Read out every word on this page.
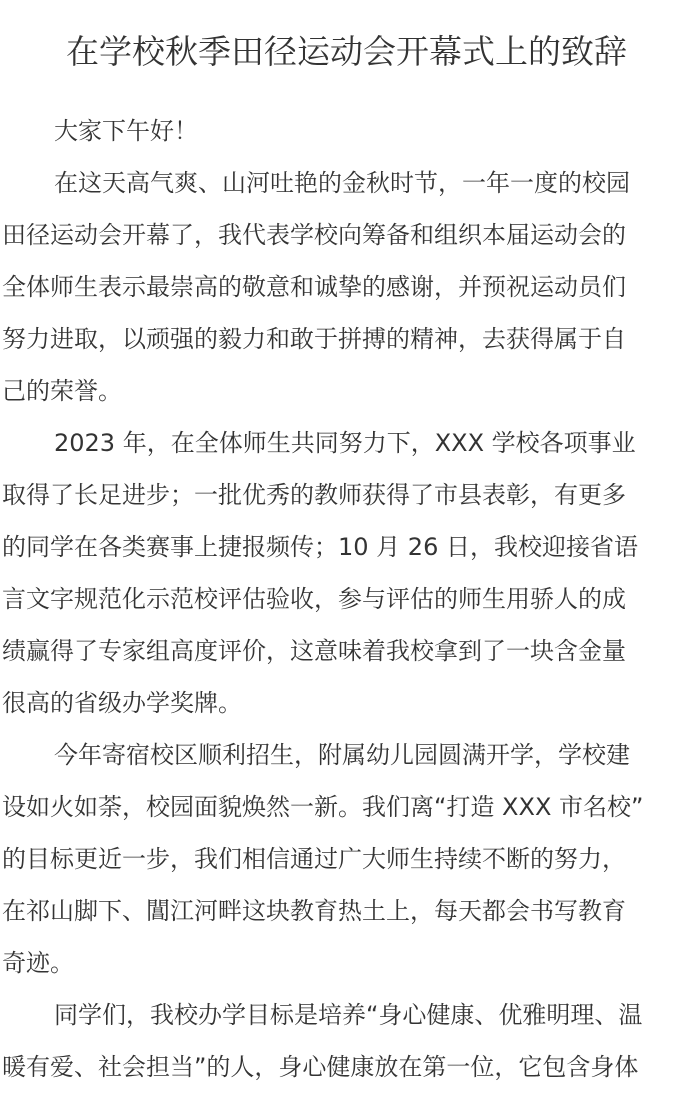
在学校秋季田径运动会开幕式上的致辞
大家下午好！
在这天高气爽、山河吐艳的金秋时节，一年一度的校园
田径运动会开幕了，我代表学校向筹备和组织本届运动会的
全体师生表示最崇高的敬意和诚挚的感谢，并预祝运动员们
努力进取，以顽强的毅力和敢于拼搏的精神，去获得属于自
己的荣誉。
2023 年，在全体师生共同努力下，XXX 学校各项事业
取得了长足进步；一批优秀的教师获得了市县表彰，有更多
的同学在各类赛事上捷报频传；10 月 26 日，我校迎接省语
言文字规范化示范校评估验收，参与评估的师生用骄人的成
绩赢得了专家组高度评价，这意味着我校拿到了一块含金量
很高的省级办学奖牌。
今年寄宿校区顺利招生，附属幼儿园圆满开学，学校建
设如火如荼，校园面貌焕然一新。我们离“打造 XXX 市名校”
的目标更近一步，我们相信通过广大师生持续不断的努力，
在祁山脚下、閶江河畔这块教育热土上，每天都会书写教育
奇迹。
同学们，我校办学目标是培养“身心健康、优雅明理、温
暖有爱、社会担当”的人，身心健康放在第一位，它包含身体
